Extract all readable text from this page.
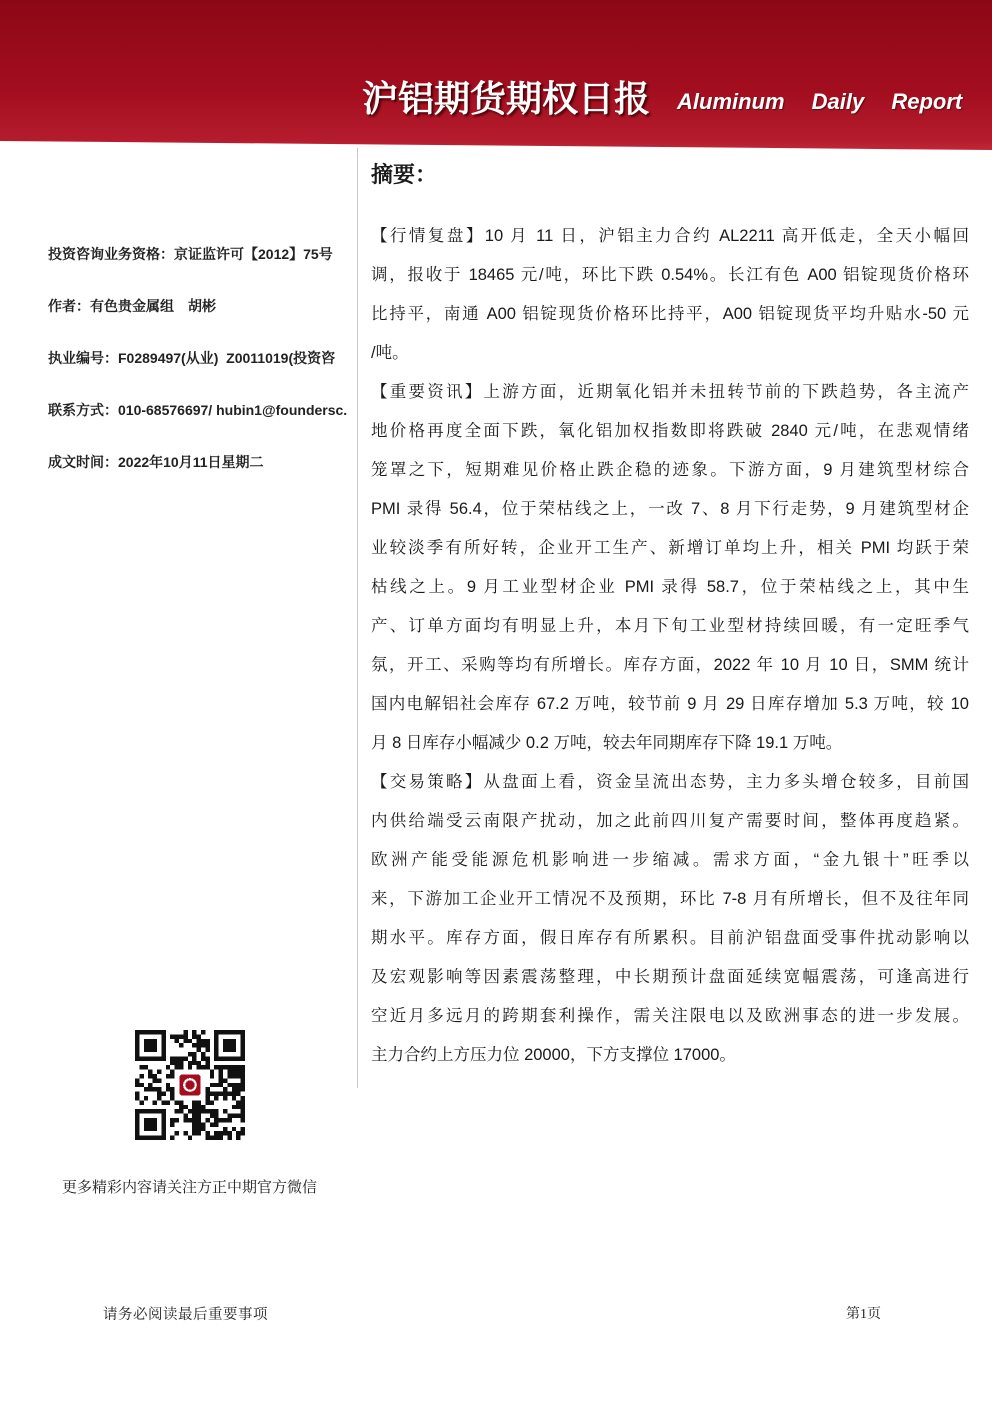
沪铝期货期权日报 Aluminum Daily Report
投资咨询业务资格：京证监许可【2012】75号
作者：有色贵金属组　胡彬
执业编号：F0289497(从业)  Z0011019(投资咨
联系方式：010-68576697/ hubin1@foundersc.
成文时间：2022年10月11日星期二
更多精彩内容请关注方正中期官方微信
摘要：
【行情复盘】10 月 11 日，沪铝主力合约 AL2211 高开低走，全天小幅回
调，报收于 18465 元/吨，环比下跌 0.54%。长江有色 A00 铝锭现货价格环
比持平，南通 A00 铝锭现货价格环比持平，A00 铝锭现货平均升贴水-50 元
/吨。
【重要资讯】上游方面，近期氧化铝并未扭转节前的下跌趋势，各主流产
地价格再度全面下跌，氧化铝加权指数即将跌破 2840 元/吨，在悲观情绪
笼罩之下，短期难见价格止跌企稳的迹象。下游方面，9 月建筑型材综合
PMI 录得 56.4，位于荣枯线之上，一改 7、8 月下行走势，9 月建筑型材企
业较淡季有所好转，企业开工生产、新增订单均上升，相关 PMI 均跃于荣
枯线之上。9 月工业型材企业 PMI 录得 58.7，位于荣枯线之上，其中生
产、订单方面均有明显上升，本月下旬工业型材持续回暖，有一定旺季气
氛，开工、采购等均有所增长。库存方面，2022 年 10 月 10 日，SMM 统计
国内电解铝社会库存 67.2 万吨，较节前 9 月 29 日库存增加 5.3 万吨，较 10
月 8 日库存小幅减少 0.2 万吨，较去年同期库存下降 19.1 万吨。
【交易策略】从盘面上看，资金呈流出态势，主力多头增仓较多，目前国
内供给端受云南限产扰动，加之此前四川复产需要时间，整体再度趋紧。
欧洲产能受能源危机影响进一步缩减。需求方面，“金九银十”旺季以
来，下游加工企业开工情况不及预期，环比 7-8 月有所增长，但不及往年同
期水平。库存方面，假日库存有所累积。目前沪铝盘面受事件扰动影响以
及宏观影响等因素震荡整理，中长期预计盘面延续宽幅震荡，可逢高进行
空近月多远月的跨期套利操作，需关注限电以及欧洲事态的进一步发展。
主力合约上方压力位 20000，下方支撑位 17000。
请务必阅读最后重要事项	第1页
